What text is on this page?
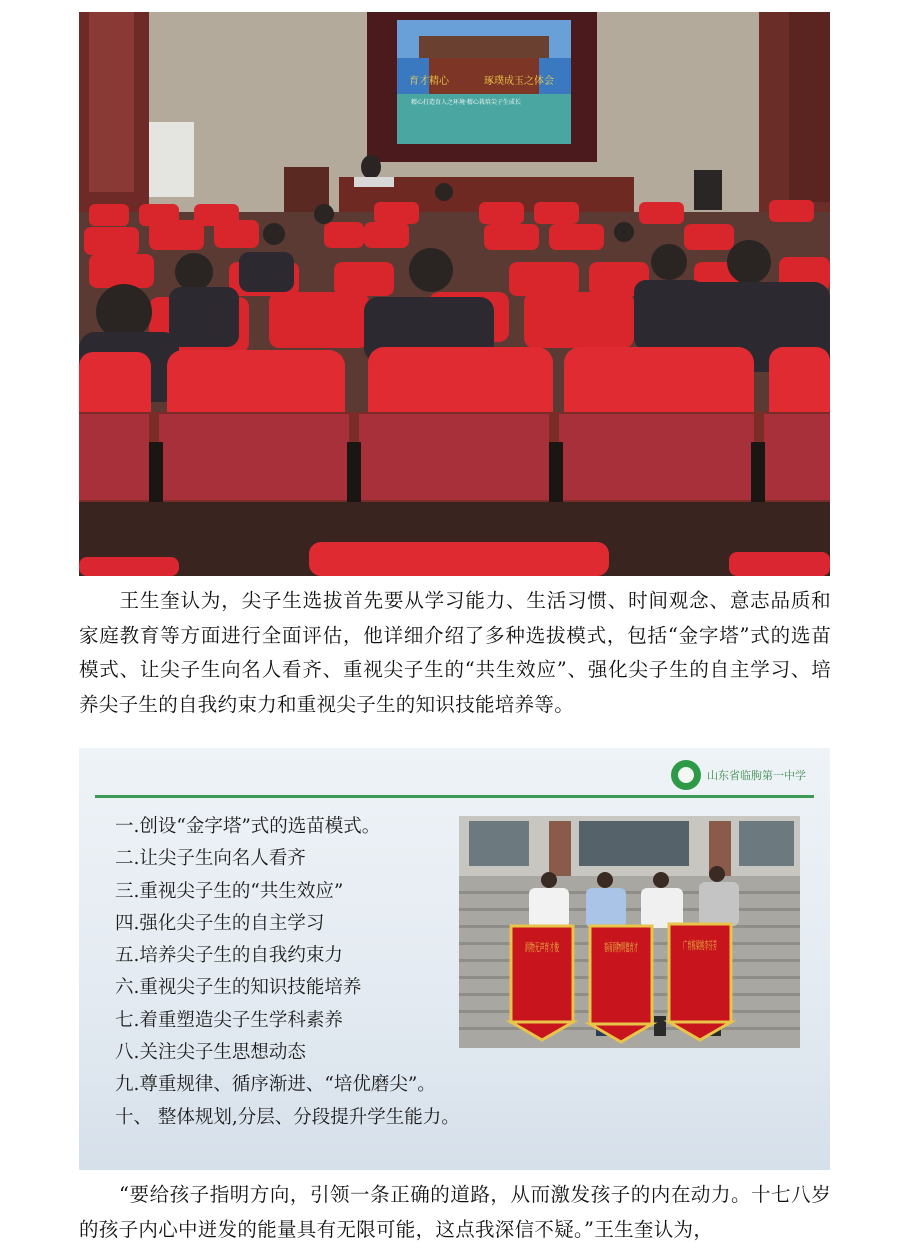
育才精心	琢璞成玉之体会
精心打造育人之环境·精心栽培尖子生成长

王生奎认为，尖子生选拔首先要从学习能力、生活习惯、时间观念、意志品质和家庭教育等方面进行全面评估，他详细介绍了多种选拔模式，包括“金字塔”式的选苗模式、让尖子生向名人看齐、重视尖子生的“共生效应”、强化尖子生的自主学习、培养尖子生的自我约束力和重视尖子生的知识技能培养等。

山东省临朐第一中学
一.创设“金字塔”式的选苗模式。
二.让尖子生向名人看齐
三.重视尖子生的“共生效应”
四.强化尖子生的自主学习
五.培养尖子生的自我约束力
六.重视尖子生的知识技能培养
七.着重塑造尖子生学科素养
八.关注尖子生思想动态
九.尊重规律、循序渐进、“培优磨尖”。
十、 整体规划,分层、分段提升学生能力。

“要给孩子指明方向，引领一条正确的道路，从而激发孩子的内在动力。十七八岁的孩子内心中迸发的能量具有无限可能，这点我深信不疑。”王生奎认为，
